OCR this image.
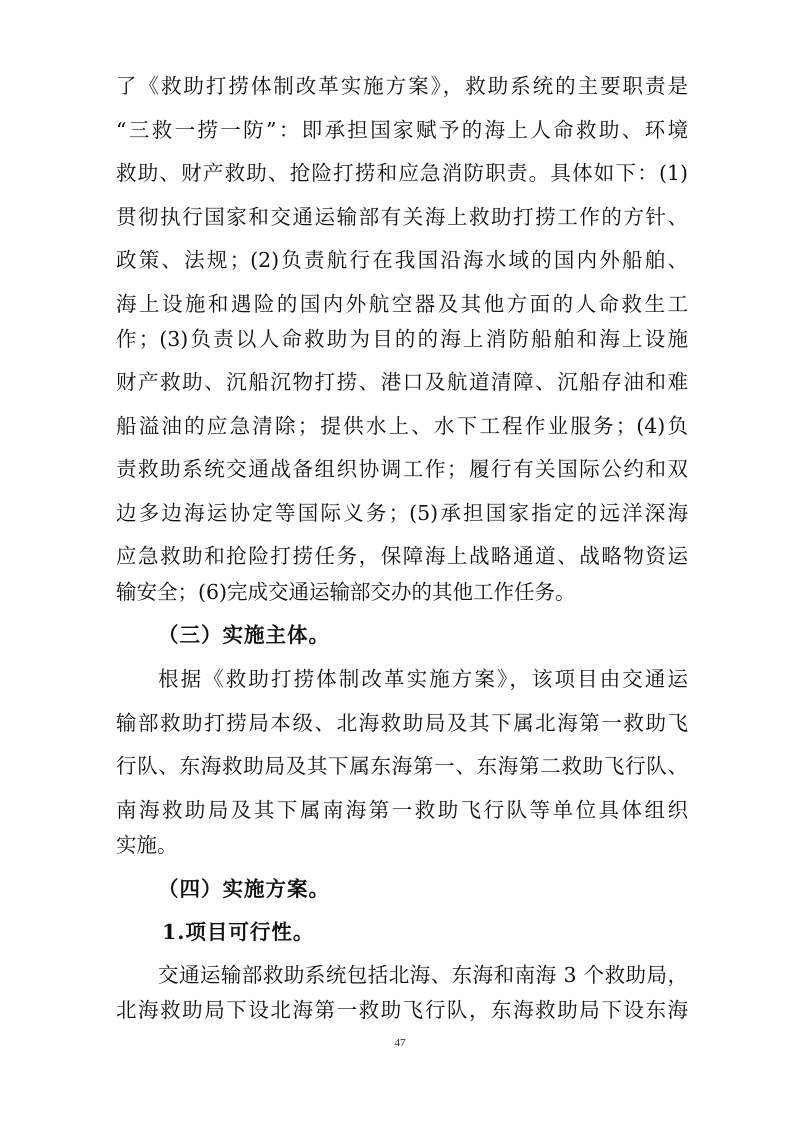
了《救助打捞体制改革实施方案》，救助系统的主要职责是
“三救一捞一防”：即承担国家赋予的海上人命救助、环境
救助、财产救助、抢险打捞和应急消防职责。具体如下：(1)
贯彻执行国家和交通运输部有关海上救助打捞工作的方针、
政策、法规；(2)负责航行在我国沿海水域的国内外船舶、
海上设施和遇险的国内外航空器及其他方面的人命救生工
作；(3)负责以人命救助为目的的海上消防船舶和海上设施
财产救助、沉船沉物打捞、港口及航道清障、沉船存油和难
船溢油的应急清除；提供水上、水下工程作业服务；(4)负
责救助系统交通战备组织协调工作；履行有关国际公约和双
边多边海运协定等国际义务；(5)承担国家指定的远洋深海
应急救助和抢险打捞任务，保障海上战略通道、战略物资运
输安全；(6)完成交通运输部交办的其他工作任务。
（三）实施主体。
根据《救助打捞体制改革实施方案》，该项目由交通运
输部救助打捞局本级、北海救助局及其下属北海第一救助飞
行队、东海救助局及其下属东海第一、东海第二救助飞行队、
南海救助局及其下属南海第一救助飞行队等单位具体组织
实施。
（四）实施方案。
1.项目可行性。
交通运输部救助系统包括北海、东海和南海 3 个救助局，
北海救助局下设北海第一救助飞行队，东海救助局下设东海
47
